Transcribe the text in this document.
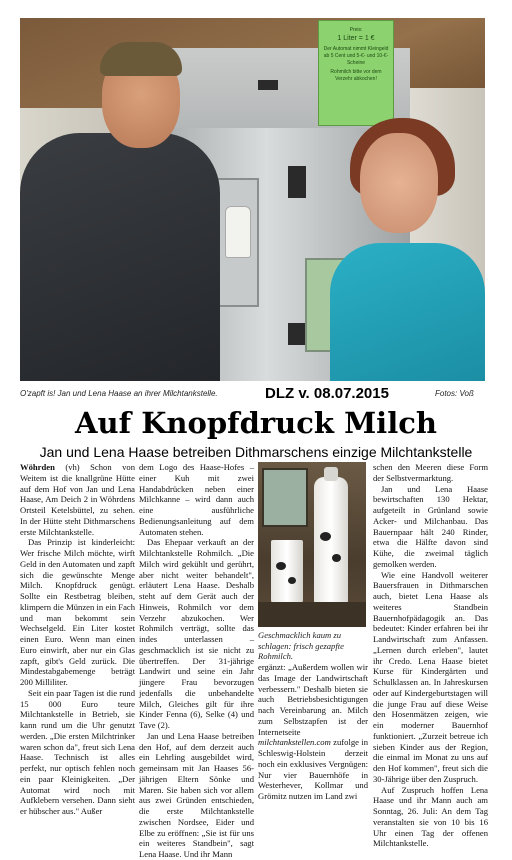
Preis:
1 Liter = 1 €
Der Automat nimmt Kleingeld ab 5 Cent und 5-€- und 10-€-Scheine
Rohmilch bitte vor dem Verzehr abkochen!
O'zapft is! Jan und Lena Haase an ihrer Milchtankstelle.	DLZ v. 08.07.2015	Fotos: Voß
Auf Knopfdruck Milch
Jan und Lena Haase betreiben Dithmarschens einzige Milchtankstelle

Wöhrden (vh) Schon von Weitem ist die knallgrüne Hütte auf dem Hof von Jan und Lena Haase, Am Deich 2 in Wöhrdens Ortsteil Ketelsbüttel, zu sehen. In der Hütte steht Dithmarschens erste Milchtankstelle.

Das Prinzip ist kinderleicht: Wer frische Milch möchte, wirft Geld in den Automaten und zapft sich die gewünschte Menge Milch. Knopfdruck genügt. Sollte ein Restbetrag bleiben, klimpern die Münzen in ein Fach und man bekommt sein Wechselgeld. Ein Liter kostet einen Euro. Wenn man einen Euro einwirft, aber nur ein Glas zapft, gibt's Geld zurück. Die Mindestabgabemenge beträgt 200 Milliliter.

Seit ein paar Tagen ist die rund 15 000 Euro teure Milchtankstelle in Betrieb, sie kann rund um die Uhr genutzt werden. „Die ersten Milchtrinker waren schon da", freut sich Lena Haase. Technisch ist alles perfekt, nur optisch fehlen noch ein paar Kleinigkeiten. „Der Automat wird noch mit Aufklebern versehen. Dann sieht er hübscher aus." Außer

dem Logo des Haase-Hofes – einer Kuh mit zwei Handabdrücken neben einer Milchkanne – wird dann auch eine ausführliche Bedienungsanleitung auf dem Automaten stehen.

Das Ehepaar verkauft an der Milchtankstelle Rohmilch. „Die Milch wird gekühlt und gerührt, aber nicht weiter behandelt", erläutert Lena Haase. Deshalb steht auf dem Gerät auch der Hinweis, Rohmilch vor dem Verzehr abzukochen. Wer Rohmilch verträgt, sollte das indes unterlassen – geschmacklich ist sie nicht zu übertreffen. Der 31-jährige Landwirt und seine ein Jahr jüngere Frau bevorzugen jedenfalls die unbehandelte Milch, Gleiches gilt für ihre Kinder Fenna (6), Selke (4) und Tave (2).

Jan und Lena Haase betreiben den Hof, auf dem derzeit auch ein Lehrling ausgebildet wird, gemeinsam mit Jan Haases 56-jährigen Eltern Sönke und Maren. Sie haben sich vor allem aus zwei Gründen entschieden, die erste Milchtankstelle zwischen Nordsee, Eider und Elbe zu eröffnen: „Sie ist für uns ein weiteres Standbein", sagt Lena Haase. Und ihr Mann

Geschmacklich kaum zu schlagen: frisch gezapfte Rohmilch.

ergänzt: „Außerdem wollen wir das Image der Landwirtschaft verbessern." Deshalb bieten sie auch Betriebsbesichtigungen nach Vereinbarung an. Milch zum Selbstzapfen ist der Internetseite milchtankstellen.com zufolge in Schleswig-Holstein derzeit noch ein exklusives Vergnügen: Nur vier Bauernhöfe in Westerhever, Kollmar und Grömitz nutzen im Land zwi

schen den Meeren diese Form der Selbstvermarktung.

Jan und Lena Haase bewirtschaften 130 Hektar, aufgeteilt in Grünland sowie Acker- und Milchanbau. Das Bauernpaar hält 240 Rinder, etwa die Hälfte davon sind Kühe, die zweimal täglich gemolken werden.

Wie eine Handvoll weiterer Bauersfrauen in Dithmarschen auch, bietet Lena Haase als weiteres Standbein Bauernhofpädagogik an. Das bedeutet: Kinder erfahren bei ihr Landwirtschaft zum Anfassen. „Lernen durch erleben", lautet ihr Credo. Lena Haase bietet Kurse für Kindergärten und Schulklassen an. In Jahreskursen oder auf Kindergeburtstagen will die junge Frau auf diese Weise den Hosenmätzen zeigen, wie ein moderner Bauernhof funktioniert. „Zurzeit betreue ich sieben Kinder aus der Region, die einmal im Monat zu uns auf den Hof kommen", freut sich die 30-Jährige über den Zuspruch.

Auf Zuspruch hoffen Lena Haase und ihr Mann auch am Sonntag, 26. Juli: An dem Tag veranstalten sie von 10 bis 16 Uhr einen Tag der offenen Milchtankstelle.
